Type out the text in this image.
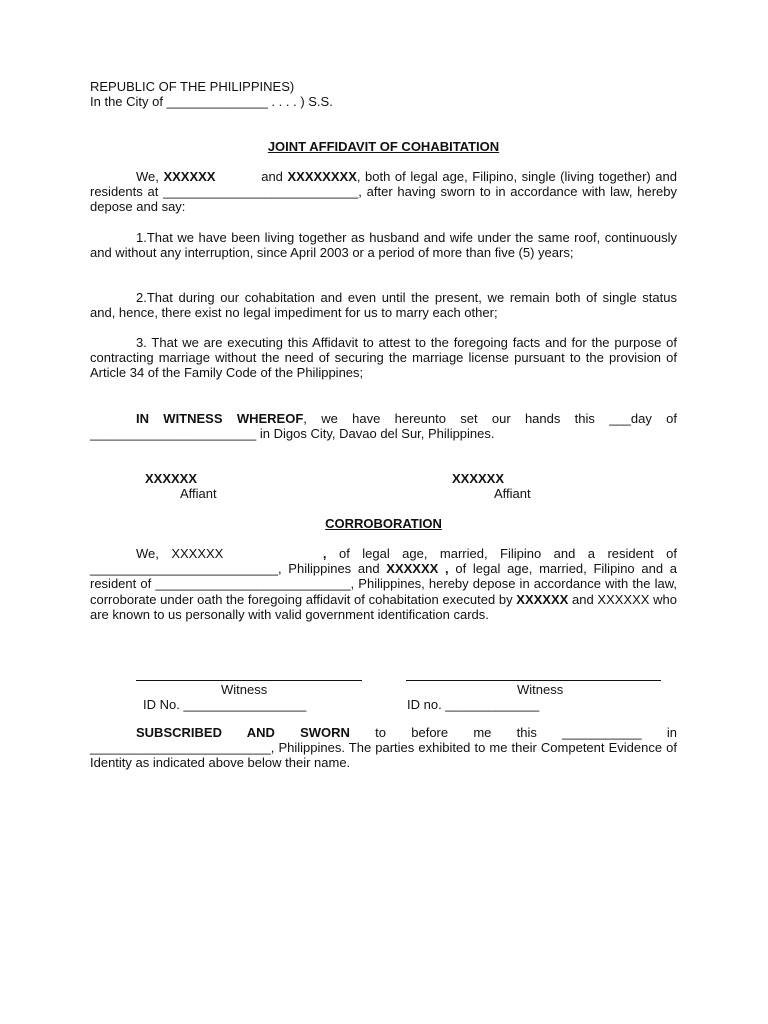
REPUBLIC OF THE PHILIPPINES)
In the City of ______________ . . . . ) S.S.

JOINT AFFIDAVIT OF COHABITATION

We, XXXXXX          and XXXXXXXX, both of legal age, Filipino, single (living together) and residents at ___________________________, after having sworn to in accordance with law, hereby depose and say:

1.That we have been living together as husband and wife under the same roof, continuously and without any interruption, since April 2003 or a period of more than five (5) years;

2.That during our cohabitation and even until the present, we remain both of single status and, hence, there exist no legal impediment for us to marry each other;

3. That we are executing this Affidavit to attest to the foregoing facts and for the purpose of contracting marriage without the need of securing the marriage license pursuant to the provision of Article 34 of the Family Code of the Philippines;

IN WITNESS WHEREOF, we have hereunto set our hands this ___day of _______________________ in Digos City, Davao del Sur, Philippines.

XXXXXX

Affiant

XXXXXX

Affiant

CORROBORATION

We, XXXXXX        , of legal age, married, Filipino and a resident of __________________________, Philippines and XXXXXX , of legal age, married, Filipino and a resident of ___________________________, Philippines, hereby depose in accordance with the law, corroborate under oath the foregoing affidavit of cohabitation executed by XXXXXX and XXXXXX who are known to us personally with valid government identification cards.

Witness

ID No. _________________

Witness

ID no. _____________

SUBSCRIBED AND SWORN to before me this ___________ in _________________________, Philippines. The parties exhibited to me their Competent Evidence of Identity as indicated above below their name.
